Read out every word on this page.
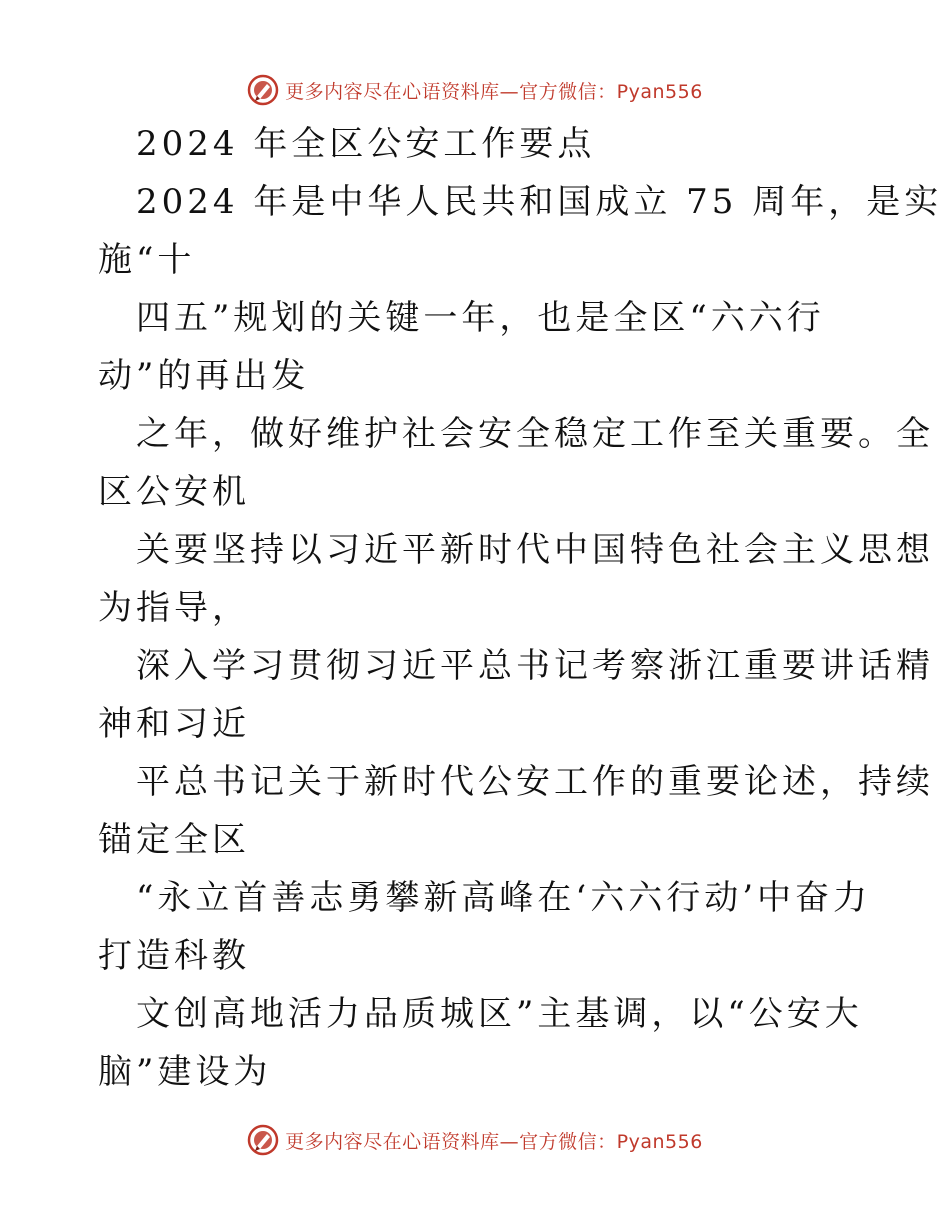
更多内容尽在心语资料库—官方微信：Pyan556
2024 年全区公安工作要点
2024 年是中华人民共和国成立 75 周年，是实
施“十
四五”规划的关键一年，也是全区“六六行
动”的再出发
之年，做好维护社会安全稳定工作至关重要。全
区公安机
关要坚持以习近平新时代中国特色社会主义思想
为指导，
深入学习贯彻习近平总书记考察浙江重要讲话精
神和习近
平总书记关于新时代公安工作的重要论述，持续
锚定全区
“永立首善志勇攀新高峰在‘六六行动’中奋力
打造科教
文创高地活力品质城区”主基调，以“公安大
脑”建设为
更多内容尽在心语资料库—官方微信：Pyan556
